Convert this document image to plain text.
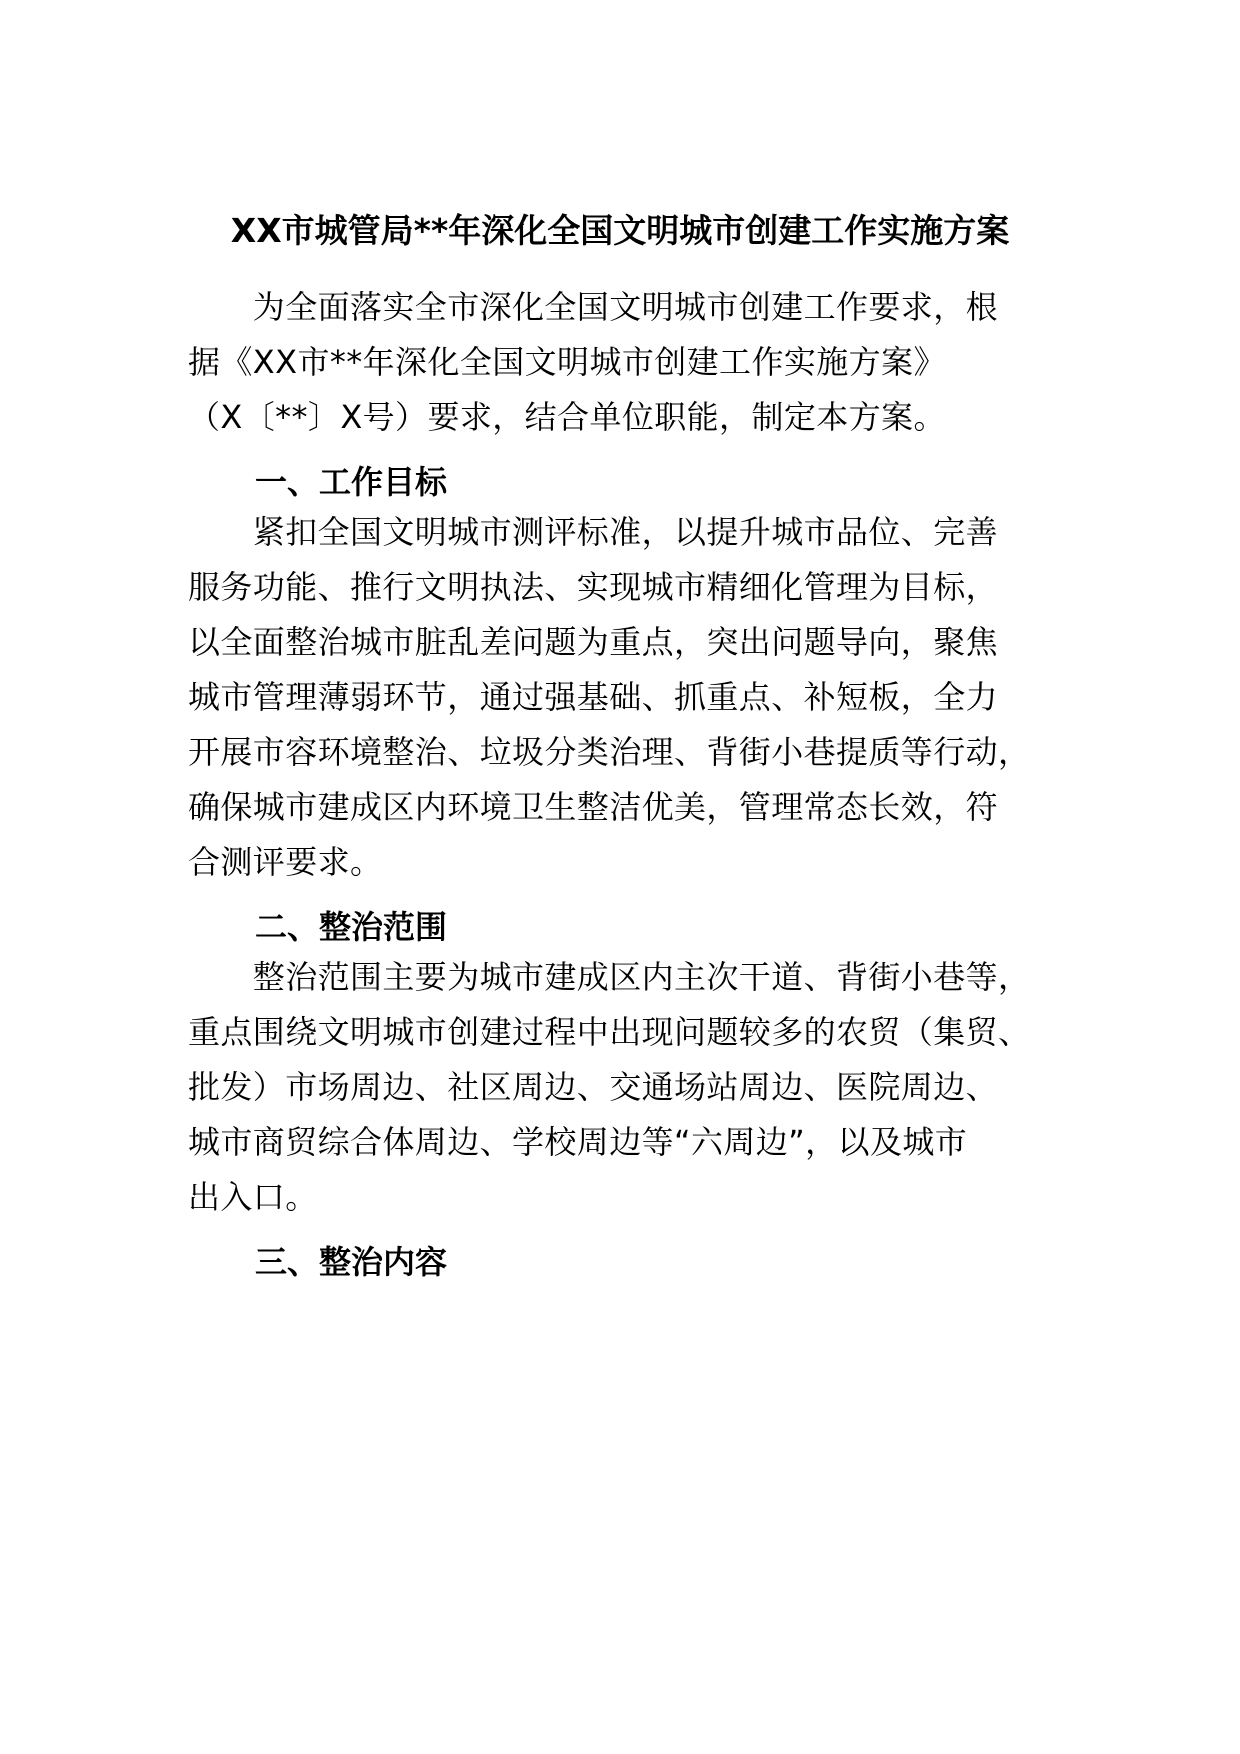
XX市城管局**年深化全国文明城市创建工作实施方案
　　为全面落实全市深化全国文明城市创建工作要求，根
据《XX市**年深化全国文明城市创建工作实施方案》
（X〔**〕X号）要求，结合单位职能，制定本方案。
一、工作目标
　　紧扣全国文明城市测评标准，以提升城市品位、完善
服务功能、推行文明执法、实现城市精细化管理为目标，
以全面整治城市脏乱差问题为重点，突出问题导向，聚焦
城市管理薄弱环节，通过强基础、抓重点、补短板，全力
开展市容环境整治、垃圾分类治理、背街小巷提质等行动，
确保城市建成区内环境卫生整洁优美，管理常态长效，符
合测评要求。
二、整治范围
　　整治范围主要为城市建成区内主次干道、背街小巷等，
重点围绕文明城市创建过程中出现问题较多的农贸（集贸、
批发）市场周边、社区周边、交通场站周边、医院周边、
城市商贸综合体周边、学校周边等“六周边”，以及城市
出入口。
三、整治内容
